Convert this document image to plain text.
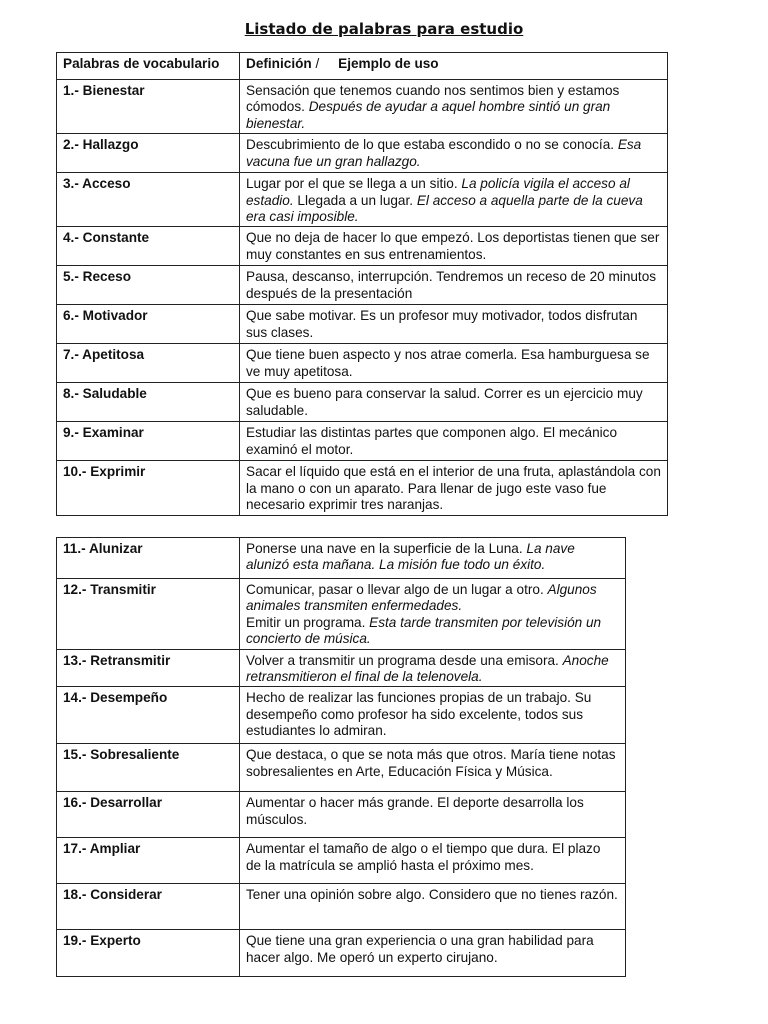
Listado de palabras para estudio
Palabras de vocabulario	Definición /     Ejemplo de uso
1.- Bienestar	Sensación que tenemos cuando nos sentimos bien y estamos cómodos. Después de ayudar a aquel hombre sintió un gran bienestar.
2.- Hallazgo	Descubrimiento de lo que estaba escondido o no se conocía. Esa vacuna fue un gran hallazgo.
3.- Acceso	Lugar por el que se llega a un sitio. La policía vigila el acceso al estadio. Llegada a un lugar. El acceso a aquella parte de la cueva era casi imposible.
4.- Constante	Que no deja de hacer lo que empezó. Los deportistas tienen que ser muy constantes en sus entrenamientos.
5.- Receso	Pausa, descanso, interrupción. Tendremos un receso de 20 minutos después de la presentación
6.- Motivador	Que sabe motivar. Es un profesor muy motivador, todos disfrutan sus clases.
7.- Apetitosa	Que tiene buen aspecto y nos atrae comerla. Esa hamburguesa se ve muy apetitosa.
8.- Saludable	Que es bueno para conservar la salud. Correr es un ejercicio muy saludable.
9.- Examinar	Estudiar las distintas partes que componen algo. El mecánico examinó el motor.
10.- Exprimir	Sacar el líquido que está en el interior de una fruta, aplastándola con la mano o con un aparato. Para llenar de jugo este vaso fue necesario exprimir tres naranjas.
11.- Alunizar	Ponerse una nave en la superficie de la Luna. La nave alunizó esta mañana. La misión fue todo un éxito.
12.- Transmitir	Comunicar, pasar o llevar algo de un lugar a otro. Algunos animales transmiten enfermedades.
Emitir un programa. Esta tarde transmiten por televisión un concierto de música.

13.- Retransmitir	Volver a transmitir un programa desde una emisora. Anoche retransmitieron el final de la telenovela.
14.- Desempeño	Hecho de realizar las funciones propias de un trabajo. Su desempeño como profesor ha sido excelente, todos sus estudiantes lo admiran.
15.- Sobresaliente	Que destaca, o que se nota más que otros. María tiene notas sobresalientes en Arte, Educación Física y Música.
16.- Desarrollar	Aumentar o hacer más grande. El deporte desarrolla los músculos.
17.- Ampliar	Aumentar el tamaño de algo o el tiempo que dura. El plazo de la matrícula se amplió hasta el próximo mes.
18.- Considerar	Tener una opinión sobre algo. Considero que no tienes razón.
19.- Experto	Que tiene una gran experiencia o una gran habilidad para hacer algo. Me operó un experto cirujano.
